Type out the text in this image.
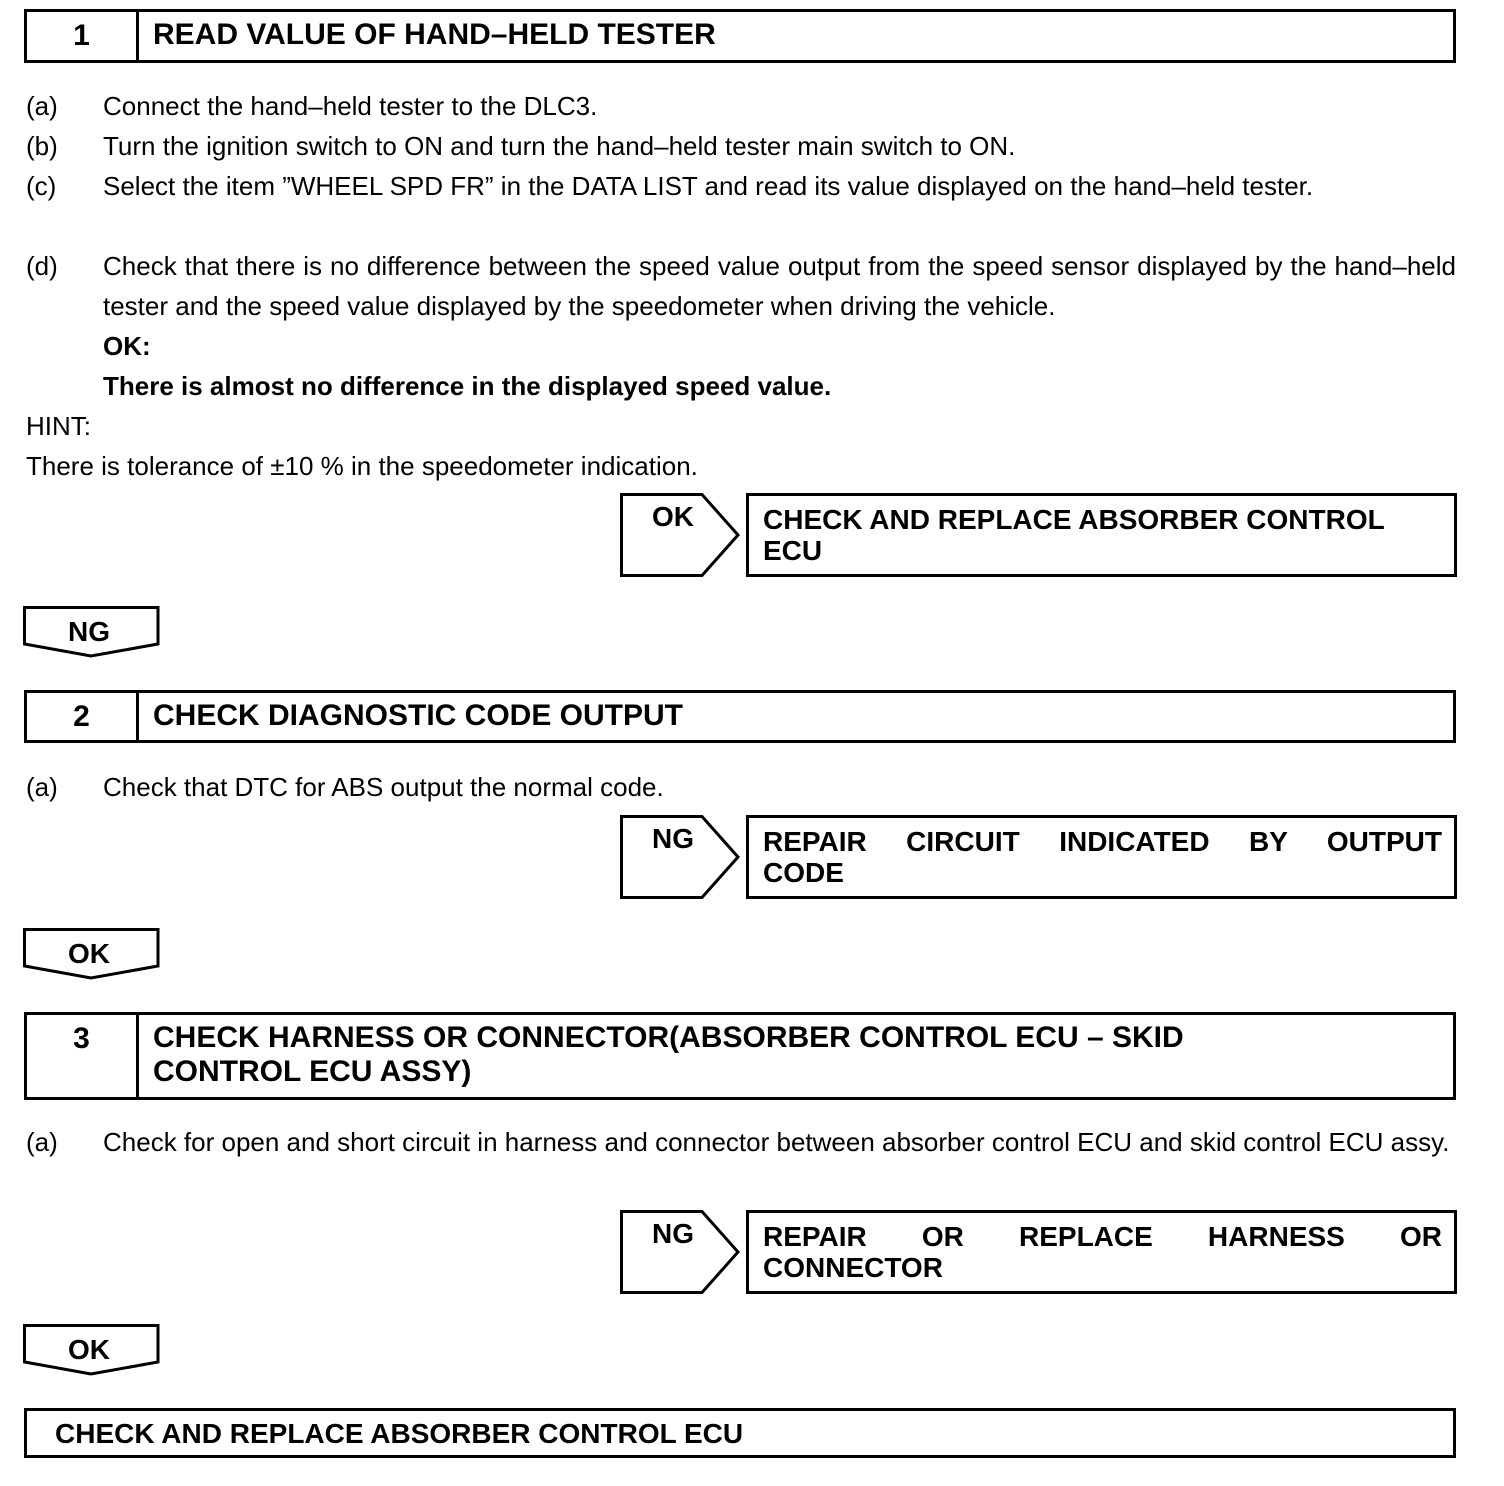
1	READ VALUE OF HAND–HELD TESTER
(a) Connect the hand–held tester to the DLC3.
(b) Turn the ignition switch to ON and turn the hand–held tester main switch to ON.
(c) Select the item ”WHEEL SPD FR” in the DATA LIST and read its value displayed on the hand–held tester.
(d) Check that there is no difference between the speed value output from the speed sensor displayed by the hand–held tester and the speed value displayed by the speedometer when driving the vehicle.
OK:
There is almost no difference in the displayed speed value.
HINT:
There is tolerance of ±10 % in the speedometer indication.
OK CHECK AND REPLACE ABSORBER CONTROL ECU
NG
2	CHECK DIAGNOSTIC CODE OUTPUT
(a) Check that DTC for ABS output the normal code.
NG REPAIR CIRCUIT INDICATED BY OUTPUT
CODE
OK
3	CHECK HARNESS OR CONNECTOR(ABSORBER CONTROL ECU – SKID CONTROL ECU ASSY)
(a) Check for open and short circuit in harness and connector between absorber control ECU and skid control ECU assy.
NG REPAIR OR REPLACE HARNESS OR
CONNECTOR
OK
CHECK AND REPLACE ABSORBER CONTROL ECU
